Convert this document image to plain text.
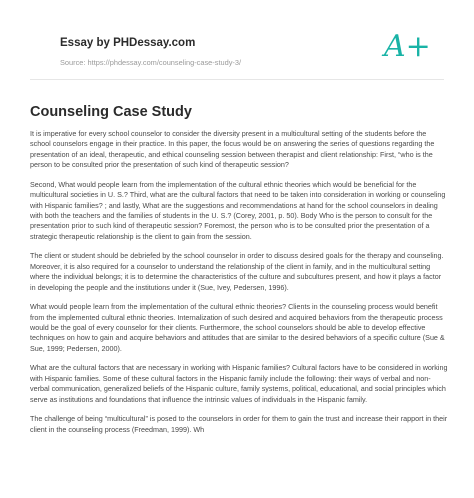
Essay by PHDessay.com
Source: https://phdessay.com/counseling-case-study-3/	A+
Counseling Case Study

It is imperative for every school counselor to consider the diversity present in a multicultural setting of the students before the school counselors engage in their practice. In this paper, the focus would be on answering the series of questions regarding the presentation of an ideal, therapeutic, and ethical counseling session between therapist and client relationship: First, “who is the person to be consulted prior the presentation of such kind of therapeutic session?

Second, What would people learn from the implementation of the cultural ethnic theories which would be beneficial for the multicultural societies in U. S.? Third, what are the cultural factors that need to be taken into consideration in working or counseling with Hispanic families? ; and lastly, What are the suggestions and recommendations at hand for the school counselors in dealing with both the teachers and the families of students in the U. S.? (Corey, 2001, p. 50). Body Who is the person to consult for the presentation prior to such kind of therapeutic session? Foremost, the person who is to be consulted prior the presentation of a strategic therapeutic relationship is the client to gain from the session.

The client or student should be debriefed by the school counselor in order to discuss desired goals for the therapy and counseling. Moreover, it is also required for a counselor to understand the relationship of the client in family, and in the multicultural setting where the individual belongs; it is to determine the characteristics of the culture and subcultures present, and how it plays a factor in developing the people and the institutions under it (Sue, Ivey, Pedersen, 1996).

What would people learn from the implementation of the cultural ethnic theories? Clients in the counseling process would benefit from the implemented cultural ethnic theories. Internalization of such desired and acquired behaviors from the therapeutic process would be the goal of every counselor for their clients. Furthermore, the school counselors should be able to develop effective techniques on how to gain and acquire behaviors and attitudes that are similar to the desired behaviors of a specific culture (Sue & Sue, 1999; Pedersen, 2000).

What are the cultural factors that are necessary in working with Hispanic families? Cultural factors have to be considered in working with Hispanic families. Some of these cultural factors in the Hispanic family include the following: their ways of verbal and non-verbal communication, generalized beliefs of the Hispanic culture, family systems, political, educational, and social principles which serve as institutions and foundations that influence the intrinsic values of individuals in the Hispanic family.

The challenge of being “multicultural” is posed to the counselors in order for them to gain the trust and increase their rapport in their client in the counseling process (Freedman, 1999). Wh
